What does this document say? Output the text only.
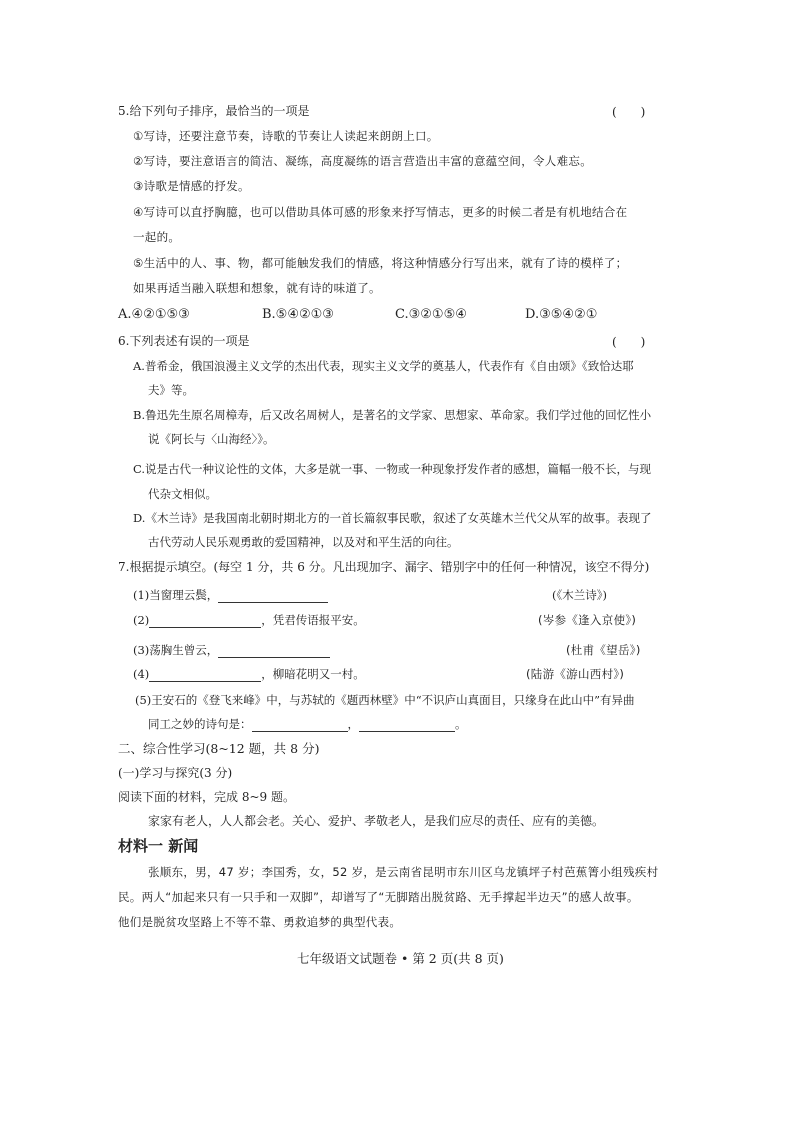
5.给下列句子排序，最恰当的一项是	(　　)
①写诗，还要注意节奏，诗歌的节奏让人读起来朗朗上口。
②写诗，要注意语言的简洁、凝练，高度凝练的语言营造出丰富的意蕴空间，令人难忘。
③诗歌是情感的抒发。
④写诗可以直抒胸臆，也可以借助具体可感的形象来抒写情志，更多的时候二者是有机地结合在
一起的。
⑤生活中的人、事、物，都可能触发我们的情感，将这种情感分行写出来，就有了诗的模样了；
如果再适当融入联想和想象，就有诗的味道了。
A.④②①⑤③	B.⑤④②①③	C.③②①⑤④	D.③⑤④②①
6.下列表述有误的一项是	(　　)
A.普希金，俄国浪漫主义文学的杰出代表，现实主义文学的奠基人，代表作有《自由颂》《致恰达耶
夫》等。
B.鲁迅先生原名周樟寿，后又改名周树人，是著名的文学家、思想家、革命家。我们学过他的回忆性小
说《阿长与〈山海经〉》。
C.说是古代一种议论性的文体，大多是就一事、一物或一种现象抒发作者的感想，篇幅一般不长，与现
代杂文相似。
D.《木兰诗》是我国南北朝时期北方的一首长篇叙事民歌，叙述了女英雄木兰代父从军的故事。表现了
古代劳动人民乐观勇敢的爱国精神，以及对和平生活的向往。
7.根据提示填空。(每空 1 分，共 6 分。凡出现加字、漏字、错别字中的任何一种情况，该空不得分)
(1)当窗理云鬓，	(《木兰诗》)
(2)	，凭君传语报平安。	(岑参《逢入京使》)
(3)荡胸生曾云，	(杜甫《望岳》)
(4)	，柳暗花明又一村。	(陆游《游山西村》)
(5)王安石的《登飞来峰》中，与苏轼的《题西林壁》中“不识庐山真面目，只缘身在此山中”有异曲
同工之妙的诗句是：	，	。
二、综合性学习(8~12 题，共 8 分)
(一)学习与探究(3 分)
阅读下面的材料，完成 8~9 题。
家家有老人，人人都会老。关心、爱护、孝敬老人，是我们应尽的责任、应有的美德。
材料一 新闻
张顺东，男，47 岁；李国秀，女，52 岁，是云南省昆明市东川区乌龙镇坪子村芭蕉箐小组残疾村
民。两人“加起来只有一只手和一双脚”，却谱写了“无脚踏出脱贫路、无手撑起半边天”的感人故事。
他们是脱贫攻坚路上不等不靠、勇救追梦的典型代表。
七年级语文试题卷 • 第 2 页(共 8 页)
